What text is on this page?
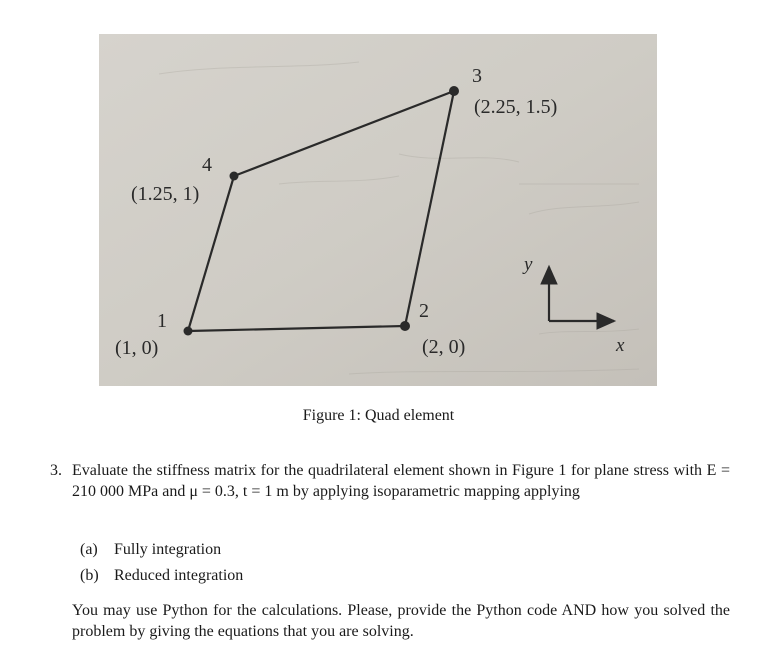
1
(1, 0)
2
(2, 0)
3
(2.25, 1.5)
4
(1.25, 1)
y
x
Figure 1: Quad element
3. Evaluate the stiffness matrix for the quadrilateral element shown in Figure 1 for plane stress with E = 210 000 MPa and μ = 0.3, t = 1 m by applying isoparametric mapping applying
(a) Fully integration
(b) Reduced integration
You may use Python for the calculations. Please, provide the Python code AND how you solved the problem by giving the equations that you are solving.
